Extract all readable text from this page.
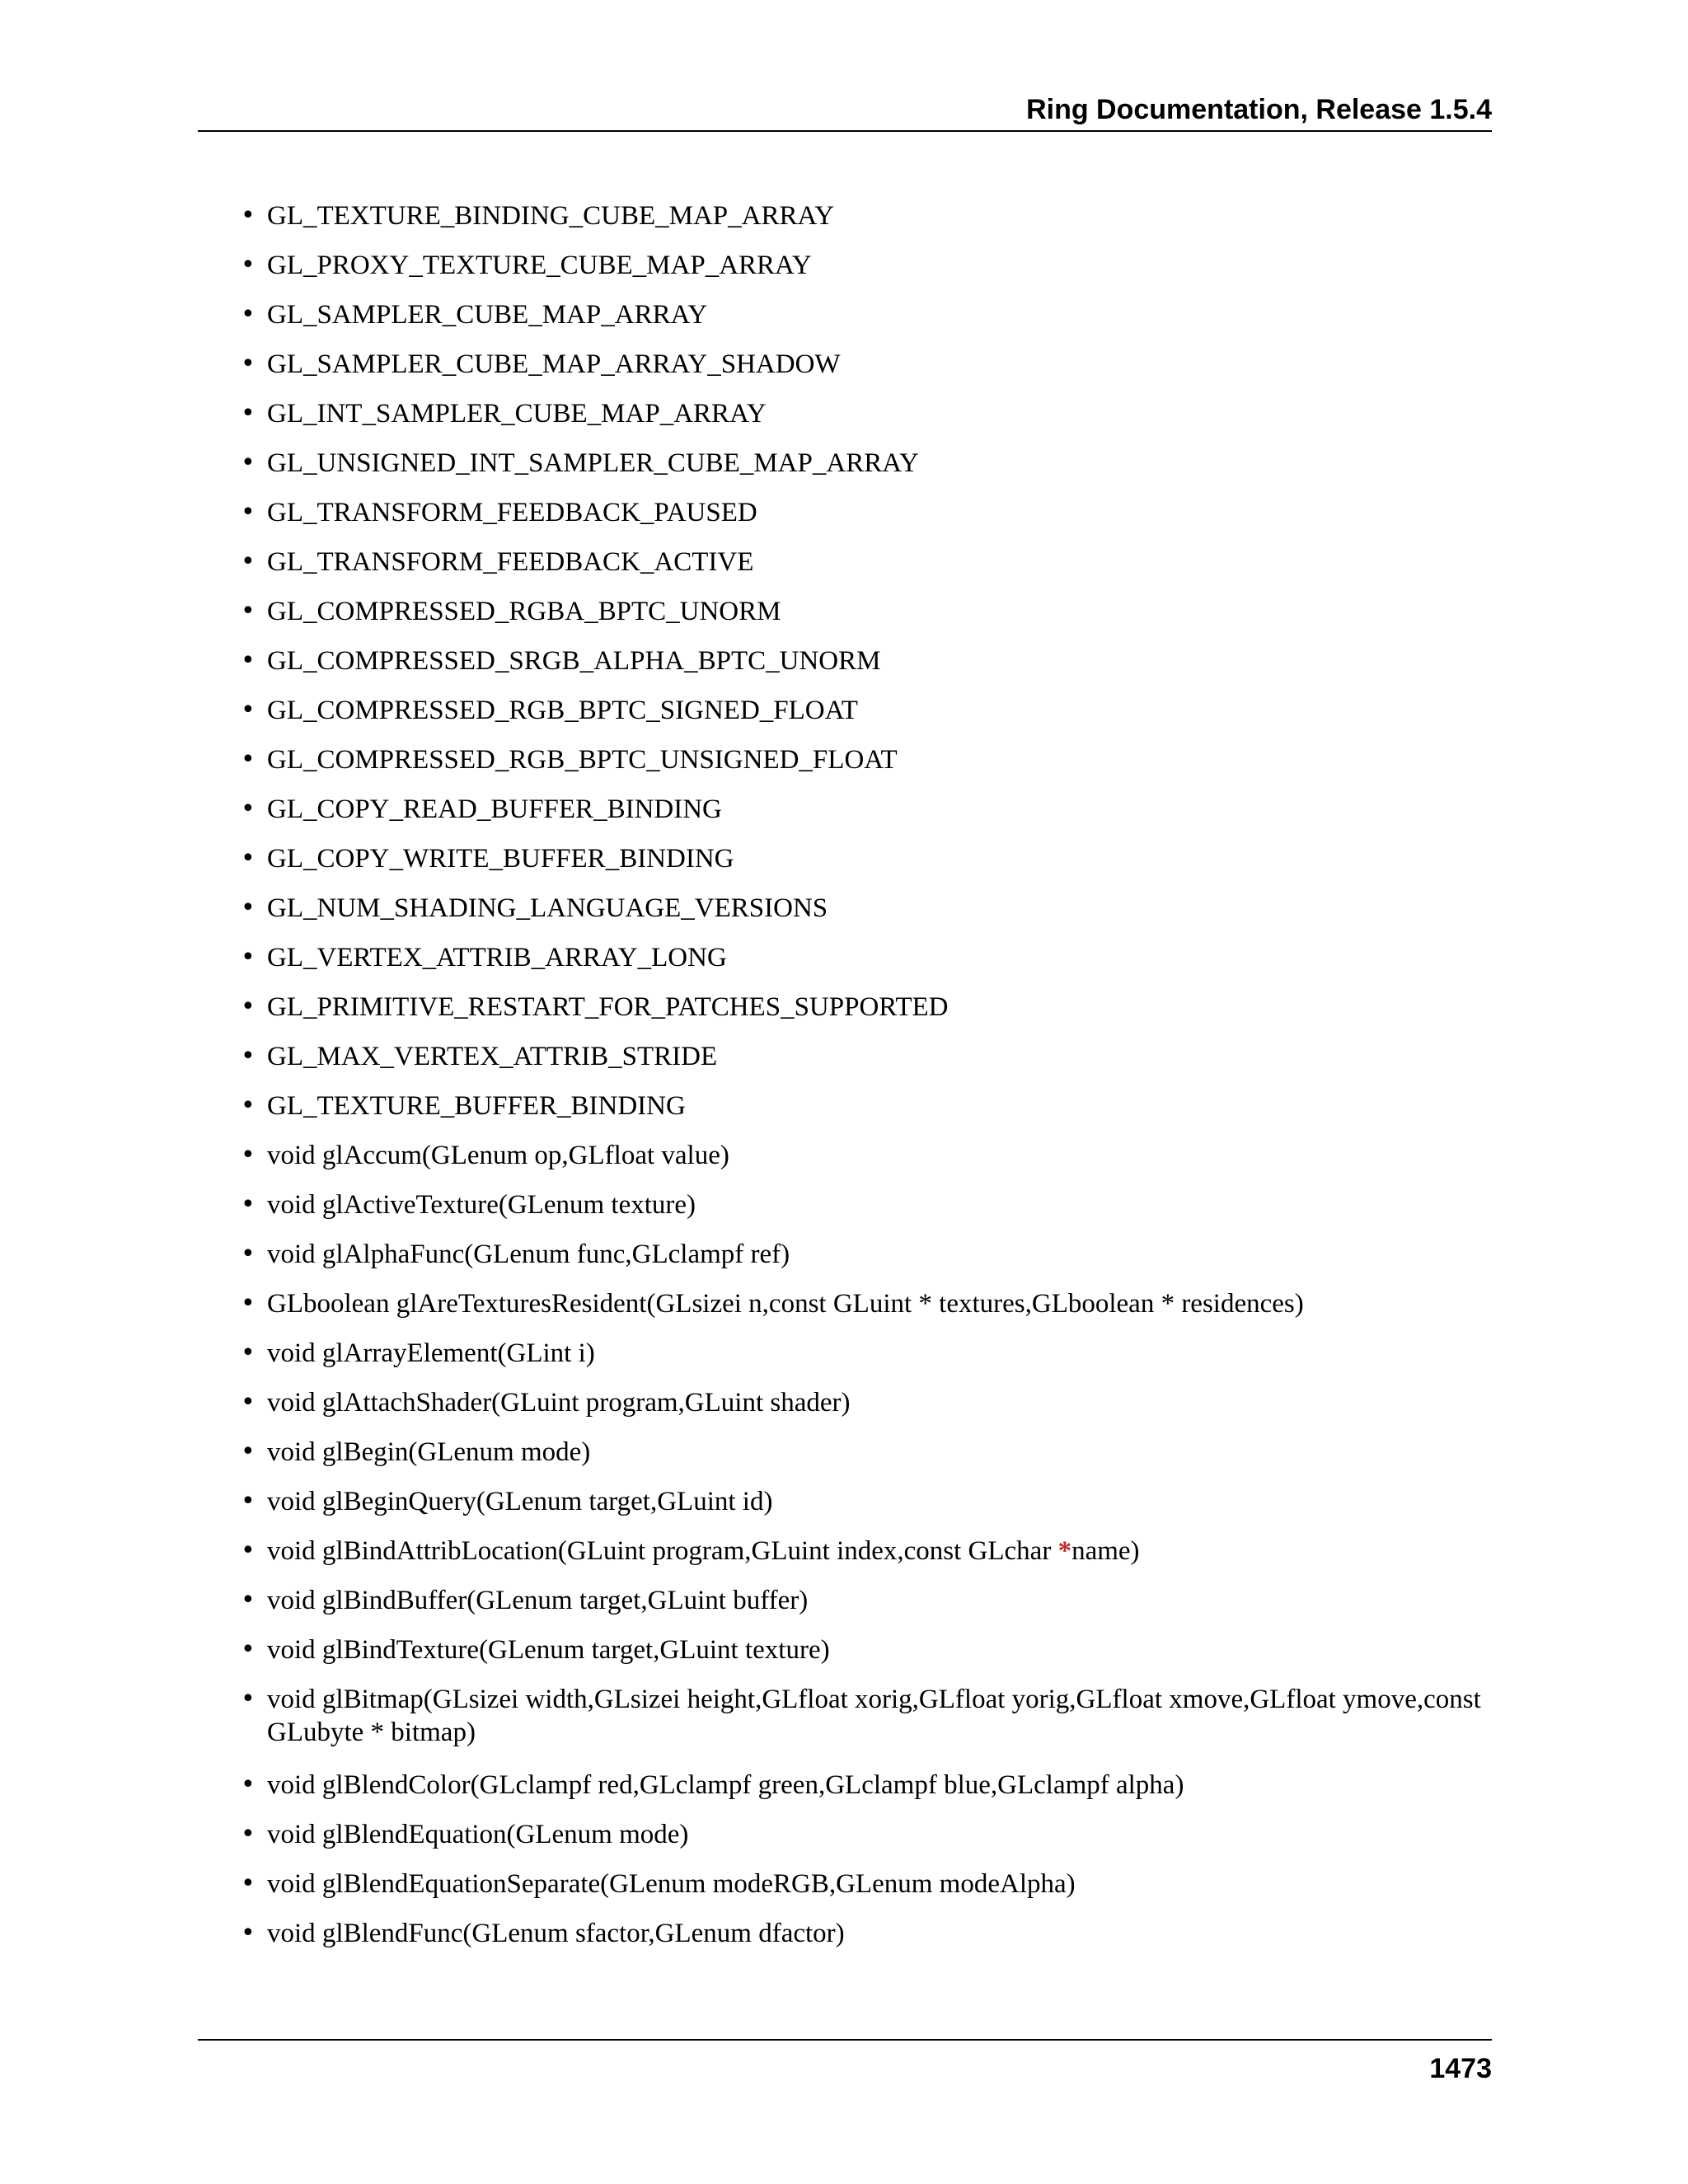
Ring Documentation, Release 1.5.4
• GL_TEXTURE_BINDING_CUBE_MAP_ARRAY
• GL_PROXY_TEXTURE_CUBE_MAP_ARRAY
• GL_SAMPLER_CUBE_MAP_ARRAY
• GL_SAMPLER_CUBE_MAP_ARRAY_SHADOW
• GL_INT_SAMPLER_CUBE_MAP_ARRAY
• GL_UNSIGNED_INT_SAMPLER_CUBE_MAP_ARRAY
• GL_TRANSFORM_FEEDBACK_PAUSED
• GL_TRANSFORM_FEEDBACK_ACTIVE
• GL_COMPRESSED_RGBA_BPTC_UNORM
• GL_COMPRESSED_SRGB_ALPHA_BPTC_UNORM
• GL_COMPRESSED_RGB_BPTC_SIGNED_FLOAT
• GL_COMPRESSED_RGB_BPTC_UNSIGNED_FLOAT
• GL_COPY_READ_BUFFER_BINDING
• GL_COPY_WRITE_BUFFER_BINDING
• GL_NUM_SHADING_LANGUAGE_VERSIONS
• GL_VERTEX_ATTRIB_ARRAY_LONG
• GL_PRIMITIVE_RESTART_FOR_PATCHES_SUPPORTED
• GL_MAX_VERTEX_ATTRIB_STRIDE
• GL_TEXTURE_BUFFER_BINDING
• void glAccum(GLenum op,GLfloat value)
• void glActiveTexture(GLenum texture)
• void glAlphaFunc(GLenum func,GLclampf ref)
• GLboolean glAreTexturesResident(GLsizei n,const GLuint * textures,GLboolean * residences)
• void glArrayElement(GLint i)
• void glAttachShader(GLuint program,GLuint shader)
• void glBegin(GLenum mode)
• void glBeginQuery(GLenum target,GLuint id)
• void glBindAttribLocation(GLuint program,GLuint index,const GLchar *name)
• void glBindBuffer(GLenum target,GLuint buffer)
• void glBindTexture(GLenum target,GLuint texture)
• void glBitmap(GLsizei width,GLsizei height,GLfloat xorig,GLfloat yorig,GLfloat xmove,GLfloat ymove,const GLubyte * bitmap)
• void glBlendColor(GLclampf red,GLclampf green,GLclampf blue,GLclampf alpha)
• void glBlendEquation(GLenum mode)
• void glBlendEquationSeparate(GLenum modeRGB,GLenum modeAlpha)
• void glBlendFunc(GLenum sfactor,GLenum dfactor)
1473
